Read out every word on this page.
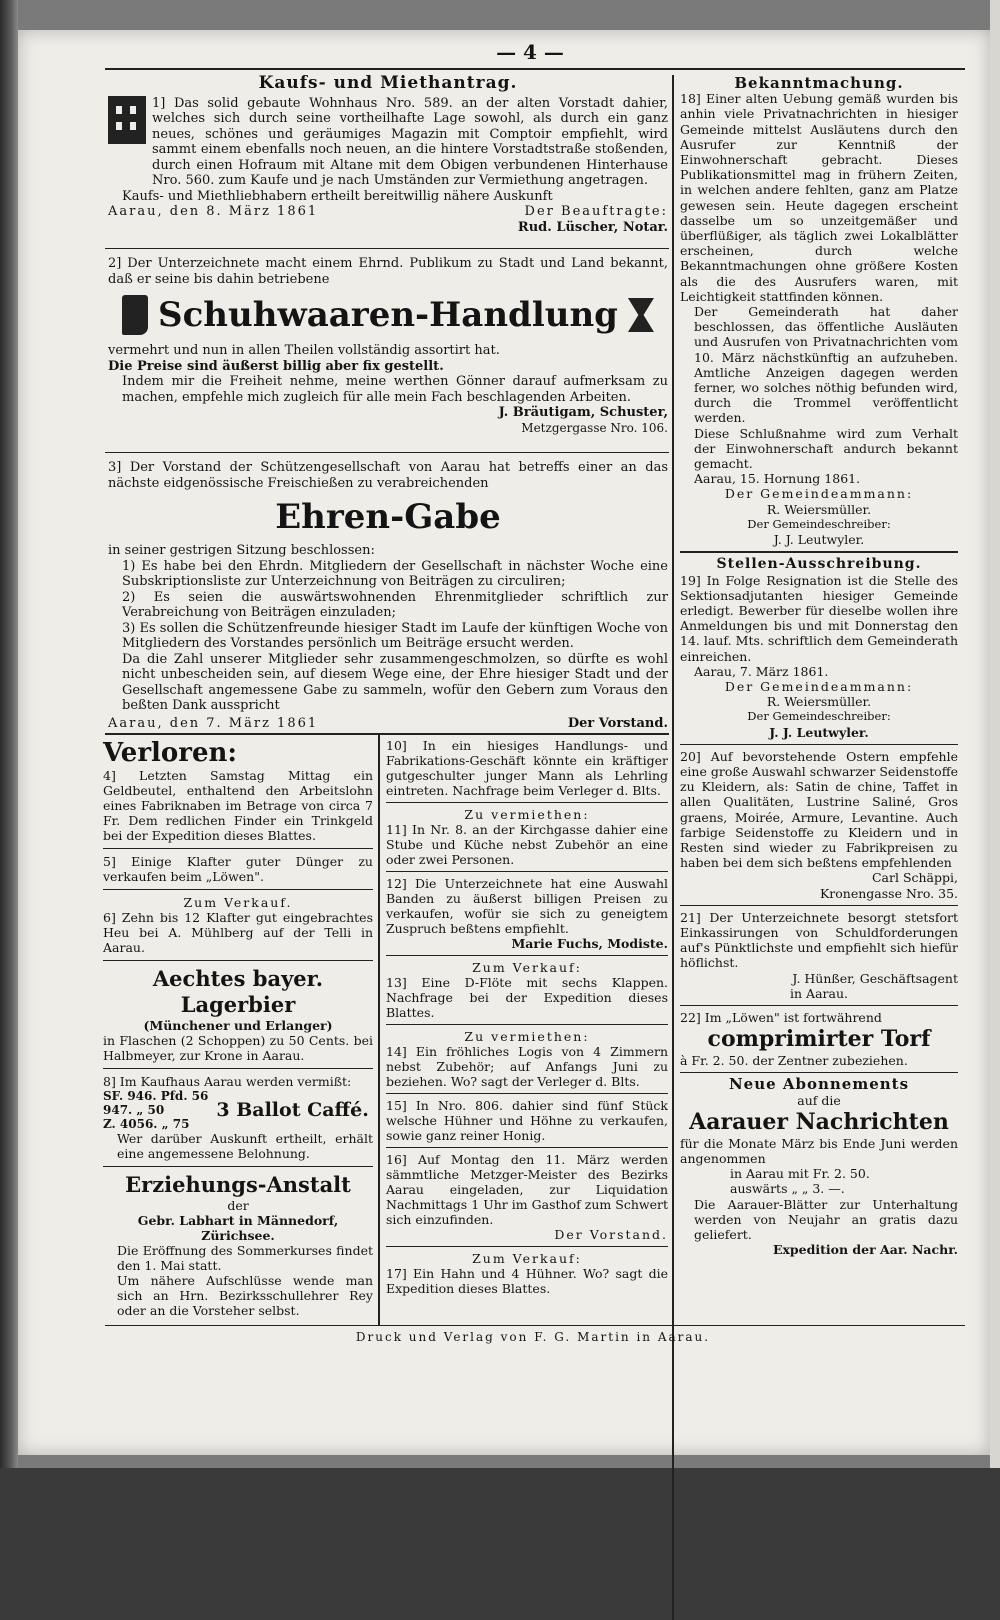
— 4 —
Kaufs- und Miethantrag.

1] Das solid gebaute Wohnhaus Nro. 589. an der alten Vorstadt dahier, welches sich durch seine vortheilhafte Lage sowohl, als durch ein ganz neues, schönes und geräumiges Magazin mit Comptoir empfiehlt, wird sammt einem ebenfalls noch neuen, an die hintere Vorstadtstraße stoßenden, durch einen Hofraum mit Altane mit dem Obigen verbundenen Hinterhause Nro. 560. zum Kaufe und je nach Umständen zur Vermiethung angetragen.

Kaufs- und Miethliebhabern ertheilt bereitwillig nähere Auskunft

Aarau, den 8. März 1861	Der Beauftragte:
Rud. Lüscher, Notar.

2] Der Unterzeichnete macht einem Ehrnd. Publikum zu Stadt und Land bekannt, daß er seine bis dahin betriebene

Schuhwaaren-Handlung

vermehrt und nun in allen Theilen vollständig assortirt hat.

Die Preise sind äußerst billig aber fix gestellt.

Indem mir die Freiheit nehme, meine werthen Gönner darauf aufmerksam zu machen, empfehle mich zugleich für alle mein Fach beschlagenden Arbeiten.

J. Bräutigam, Schuster,
Metzgergasse Nro. 106.

3] Der Vorstand der Schützengesellschaft von Aarau hat betreffs einer an das nächste eidgenössische Freischießen zu verabreichenden

Ehren-Gabe

in seiner gestrigen Sitzung beschlossen:

1) Es habe bei den Ehrdn. Mitgliedern der Gesellschaft in nächster Woche eine Subskriptionsliste zur Unterzeichnung von Beiträgen zu circuliren;

2) Es seien die auswärtswohnenden Ehrenmitglieder schriftlich zur Verabreichung von Beiträgen einzuladen;

3) Es sollen die Schützenfreunde hiesiger Stadt im Laufe der künftigen Woche von Mitgliedern des Vorstandes persönlich um Beiträge ersucht werden.

Da die Zahl unserer Mitglieder sehr zusammengeschmolzen, so dürfte es wohl nicht unbescheiden sein, auf diesem Wege eine, der Ehre hiesiger Stadt und der Gesellschaft angemessene Gabe zu sammeln, wofür den Gebern zum Voraus den beßten Dank ausspricht

Aarau, den 7. März 1861	Der Vorstand.
Verloren:

4] Letzten Samstag Mittag ein Geldbeutel, enthaltend den Arbeitslohn eines Fabriknaben im Betrage von circa 7 Fr. Dem redlichen Finder ein Trinkgeld bei der Expedition dieses Blattes.

5] Einige Klafter guter Dünger zu verkaufen beim „Löwen".

Zum Verkauf.

6] Zehn bis 12 Klafter gut eingebrachtes Heu bei A. Mühlberg auf der Telli in Aarau.

Aechtes bayer. Lagerbier
(Münchener und Erlanger)

in Flaschen (2 Schoppen) zu 50 Cents. bei Halbmeyer, zur Krone in Aarau.

8] Im Kaufhaus Aarau werden vermißt:

SF. 946. Pfd. 56
947. „ 50
Z. 4056. „ 75
3 Ballot Caffé.

Wer darüber Auskunft ertheilt, erhält eine angemessene Belohnung.

Erziehungs-Anstalt
der
Gebr. Labhart in Männedorf, Zürichsee.

Die Eröffnung des Sommerkurses findet den 1. Mai statt.

Um nähere Aufschlüsse wende man sich an Hrn. Bezirksschullehrer Rey oder an die Vorsteher selbst.

10] In ein hiesiges Handlungs- und Fabrikations-Geschäft könnte ein kräftiger gutgeschulter junger Mann als Lehrling eintreten. Nachfrage beim Verleger d. Blts.

Zu vermiethen:

11] In Nr. 8. an der Kirchgasse dahier eine Stube und Küche nebst Zubehör an eine oder zwei Personen.

12] Die Unterzeichnete hat eine Auswahl Banden zu äußerst billigen Preisen zu verkaufen, wofür sie sich zu geneigtem Zuspruch beßtens empfiehlt.

Marie Fuchs, Modiste.
Zum Verkauf:

13] Eine D-Flöte mit sechs Klappen. Nachfrage bei der Expedition dieses Blattes.

Zu vermiethen:

14] Ein fröhliches Logis von 4 Zimmern nebst Zubehör; auf Anfangs Juni zu beziehen. Wo? sagt der Verleger d. Blts.

15] In Nro. 806. dahier sind fünf Stück welsche Hühner und Höhne zu verkaufen, sowie ganz reiner Honig.

16] Auf Montag den 11. März werden sämmtliche Metzger-Meister des Bezirks Aarau eingeladen, zur Liquidation Nachmittags 1 Uhr im Gasthof zum Schwert sich einzufinden.

Der Vorstand.
Zum Verkauf:

17] Ein Hahn und 4 Hühner. Wo? sagt die Expedition dieses Blattes.

Bekanntmachung.

18] Einer alten Uebung gemäß wurden bis anhin viele Privatnachrichten in hiesiger Gemeinde mittelst Ausläutens durch den Ausrufer zur Kenntniß der Einwohnerschaft gebracht. Dieses Publikationsmittel mag in frühern Zeiten, in welchen andere fehlten, ganz am Platze gewesen sein. Heute dagegen erscheint dasselbe um so unzeitgemäßer und überflüßiger, als täglich zwei Lokalblätter erscheinen, durch welche Bekanntmachungen ohne größere Kosten als die des Ausrufers waren, mit Leichtigkeit stattfinden können.

Der Gemeinderath hat daher beschlossen, das öffentliche Ausläuten und Ausrufen von Privatnachrichten vom 10. März nächstkünftig an aufzuheben. Amtliche Anzeigen dagegen werden ferner, wo solches nöthig befunden wird, durch die Trommel veröffentlicht werden.

Diese Schlußnahme wird zum Verhalt der Einwohnerschaft andurch bekannt gemacht.

Aarau, 15. Hornung 1861.
Der Gemeindeammann:
R. Weiersmüller.
Der Gemeindeschreiber:
J. J. Leutwyler.
Stellen-Ausschreibung.

19] In Folge Resignation ist die Stelle des Sektionsadjutanten hiesiger Gemeinde erledigt. Bewerber für dieselbe wollen ihre Anmeldungen bis und mit Donnerstag den 14. lauf. Mts. schriftlich dem Gemeinderath einreichen.

Aarau, 7. März 1861.
Der Gemeindeammann:
R. Weiersmüller.
Der Gemeindeschreiber:
J. J. Leutwyler.

20] Auf bevorstehende Ostern empfehle eine große Auswahl schwarzer Seidenstoffe zu Kleidern, als: Satin de chine, Taffet in allen Qualitäten, Lustrine Saliné, Gros graens, Moirée, Armure, Levantine. Auch farbige Seidenstoffe zu Kleidern und in Resten sind wieder zu Fabrikpreisen zu haben bei dem sich beßtens empfehlenden

Carl Schäppi,
Kronengasse Nro. 35.

21] Der Unterzeichnete besorgt stetsfort Einkassirungen von Schuldforderungen auf's Pünktlichste und empfiehlt sich hiefür höflichst.

J. Hünßer, Geschäftsagent
in Aarau.

22] Im „Löwen" ist fortwährend

comprimirter Torf

à Fr. 2. 50. der Zentner zubeziehen.

Neue Abonnements
auf die
Aarauer Nachrichten

für die Monate März bis Ende Juni werden angenommen

in Aarau mit Fr. 2. 50.
auswärts „ „ 3. —.

Die Aarauer-Blätter zur Unterhaltung werden von Neujahr an gratis dazu geliefert.

Expedition der Aar. Nachr.
Druck und Verlag von F. G. Martin in Aarau.
